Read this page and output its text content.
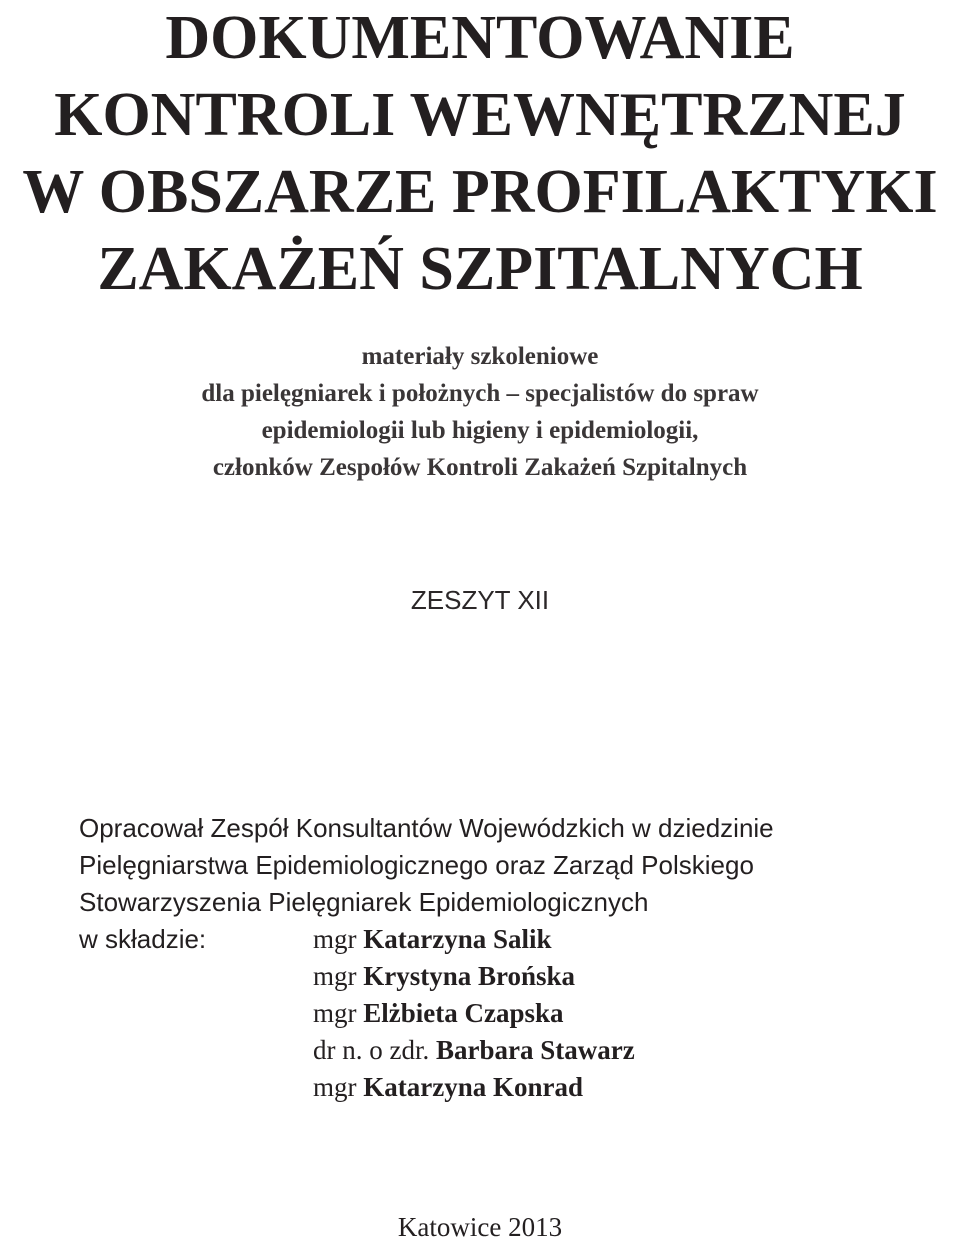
DOKUMENTOWANIE
KONTROLI WEWNĘTRZNEJ
W OBSZARZE PROFILAKTYKI
ZAKAŻEŃ SZPITALNYCH
materiały szkoleniowe
dla pielęgniarek i położnych – specjalistów do spraw
epidemiologii lub higieny i epidemiologii,
członków Zespołów Kontroli Zakażeń Szpitalnych
ZESZYT XII
Opracował Zespół Konsultantów Wojewódzkich w dziedzinie
Pielęgniarstwa Epidemiologicznego oraz Zarząd Polskiego
Stowarzyszenia Pielęgniarek Epidemiologicznych
w składzie:	mgr Katarzyna Salik
mgr Krystyna Brońska
mgr Elżbieta Czapska
dr n. o zdr. Barbara Stawarz
mgr Katarzyna Konrad
Katowice 2013
